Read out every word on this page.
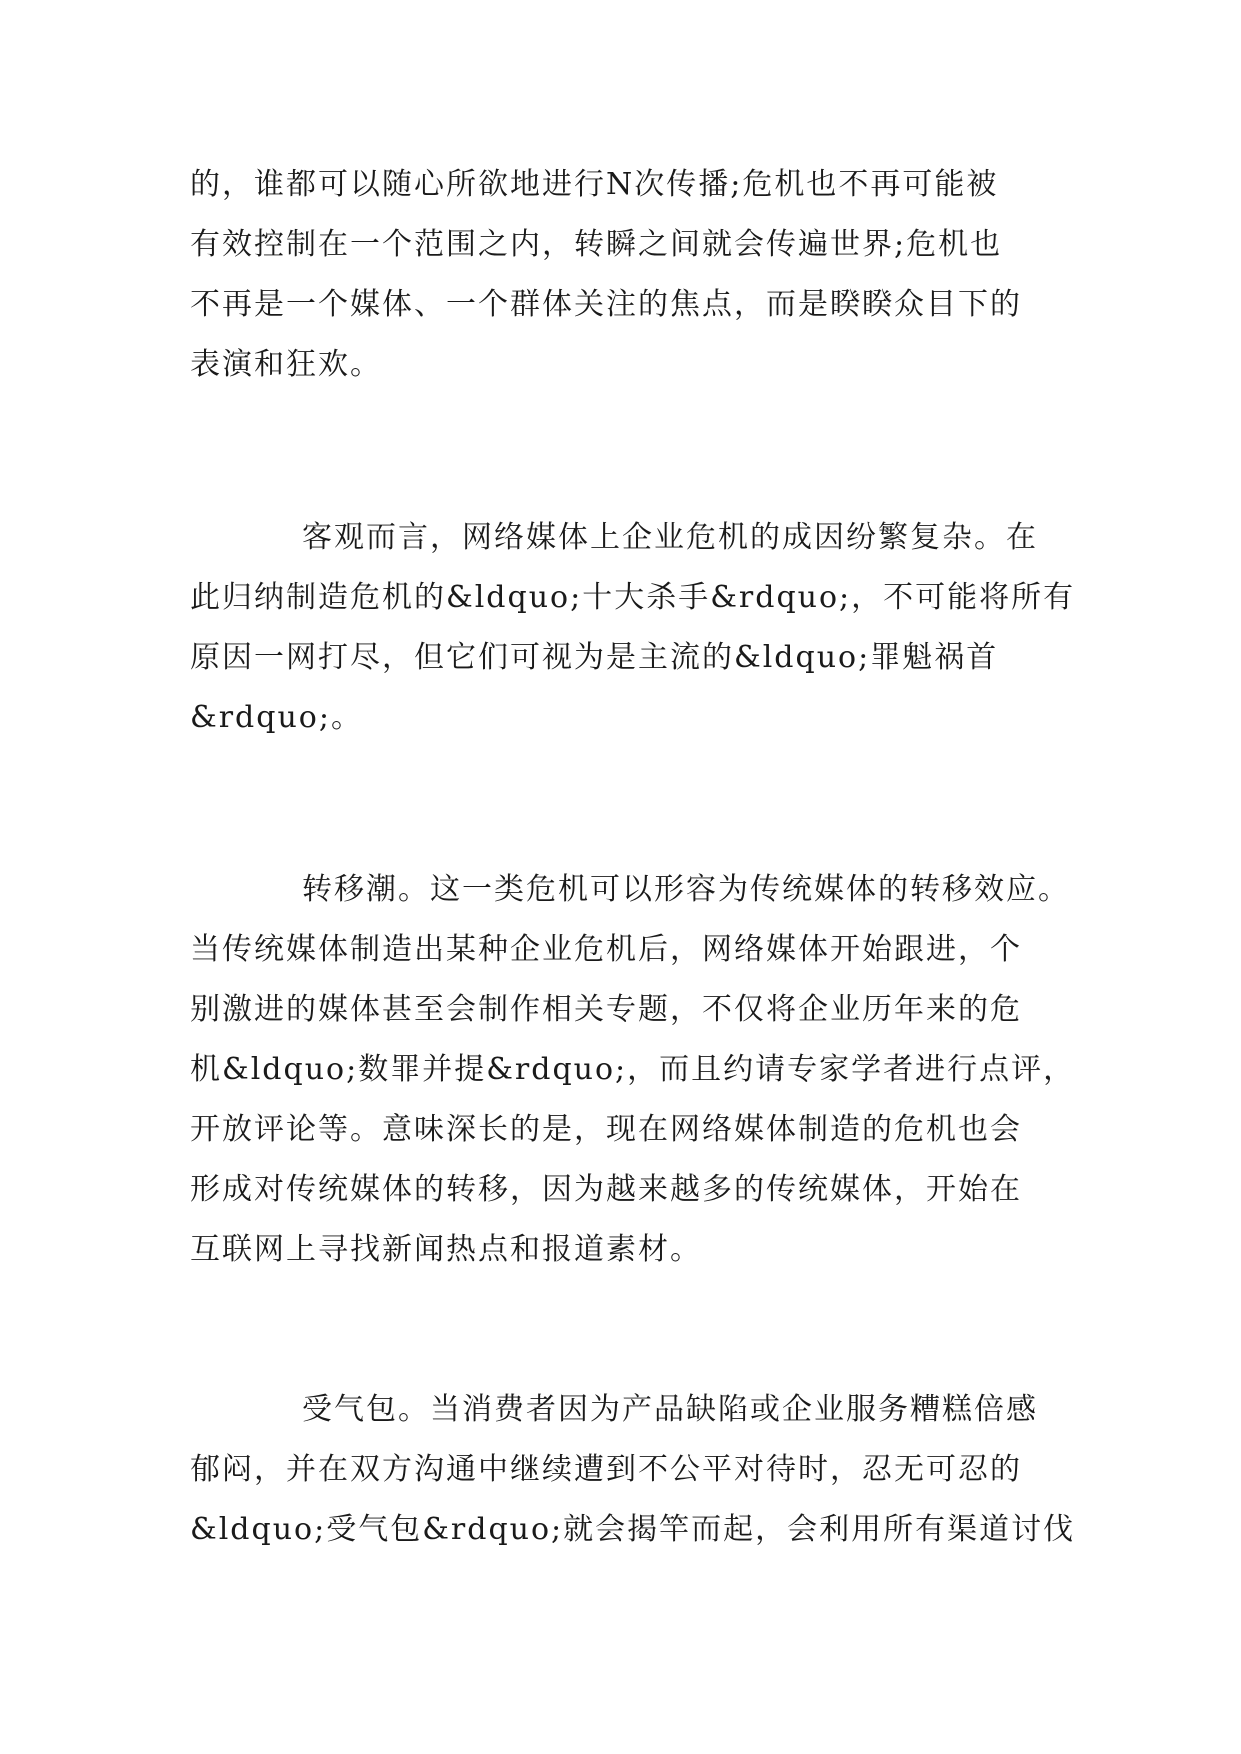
的，谁都可以随心所欲地进行N次传播;危机也不再可能被
有效控制在一个范围之内，转瞬之间就会传遍世界;危机也
不再是一个媒体、一个群体关注的焦点，而是睽睽众目下的
表演和狂欢。
客观而言，网络媒体上企业危机的成因纷繁复杂。在
此归纳制造危机的&ldquo;十大杀手&rdquo;，不可能将所有
原因一网打尽，但它们可视为是主流的&ldquo;罪魁祸首
&rdquo;。
转移潮。这一类危机可以形容为传统媒体的转移效应。
当传统媒体制造出某种企业危机后，网络媒体开始跟进，个
别激进的媒体甚至会制作相关专题，不仅将企业历年来的危
机&ldquo;数罪并提&rdquo;，而且约请专家学者进行点评，
开放评论等。意味深长的是，现在网络媒体制造的危机也会
形成对传统媒体的转移，因为越来越多的传统媒体，开始在
互联网上寻找新闻热点和报道素材。
受气包。当消费者因为产品缺陷或企业服务糟糕倍感
郁闷，并在双方沟通中继续遭到不公平对待时，忍无可忍的
&ldquo;受气包&rdquo;就会揭竿而起，会利用所有渠道讨伐
